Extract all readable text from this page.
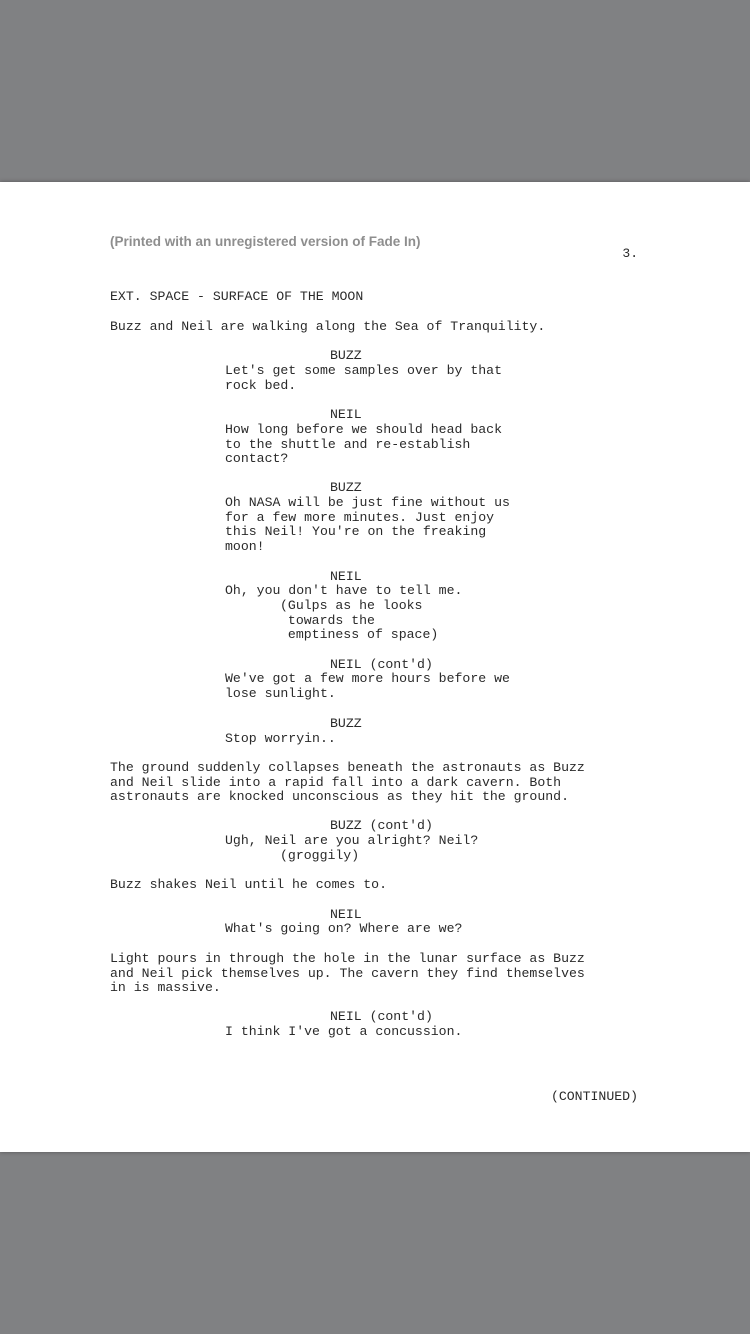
(Printed with an unregistered version of Fade In)
3.
EXT. SPACE - SURFACE OF THE MOON
Buzz and Neil are walking along the Sea of Tranquility.
BUZZ
Let's get some samples over by that
rock bed.
NEIL
How long before we should head back
to the shuttle and re-establish
contact?
BUZZ
Oh NASA will be just fine without us
for a few more minutes. Just enjoy
this Neil! You're on the freaking
moon!
NEIL
Oh, you don't have to tell me.
(Gulps as he looks
towards the
emptiness of space)
NEIL (cont'd)
We've got a few more hours before we
lose sunlight.
BUZZ
Stop worryin..
The ground suddenly collapses beneath the astronauts as Buzz
and Neil slide into a rapid fall into a dark cavern. Both
astronauts are knocked unconscious as they hit the ground.
BUZZ (cont'd)
Ugh, Neil are you alright? Neil?
(groggily)
Buzz shakes Neil until he comes to.
NEIL
What's going on? Where are we?
Light pours in through the hole in the lunar surface as Buzz
and Neil pick themselves up. The cavern they find themselves
in is massive.
NEIL (cont'd)
I think I've got a concussion.
(CONTINUED)
